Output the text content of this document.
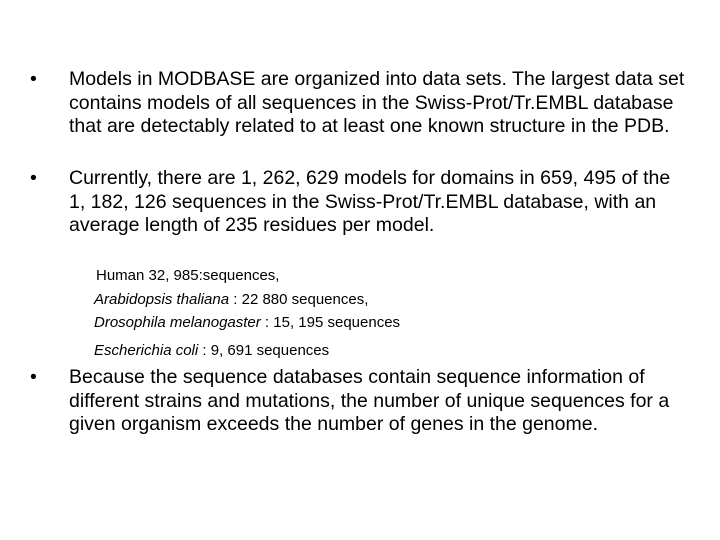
•	Models in MODBASE are organized into data sets. The largest data set contains models of all sequences in the Swiss-Prot/Tr.EMBL database that are detectably related to at least one known structure in the PDB.
•	Currently, there are 1, 262, 629 models for domains in 659, 495 of the 1, 182, 126 sequences in the Swiss-Prot/Tr.EMBL database, with an average length of 235 residues per model.
Human 32, 985:sequences,
Arabidopsis thaliana : 22 880 sequences,
Drosophila melanogaster : 15, 195 sequences
Escherichia coli : 9, 691 sequences
•	Because the sequence databases contain sequence information of different strains and mutations, the number of unique sequences for a given organism exceeds the number of genes in the genome.
